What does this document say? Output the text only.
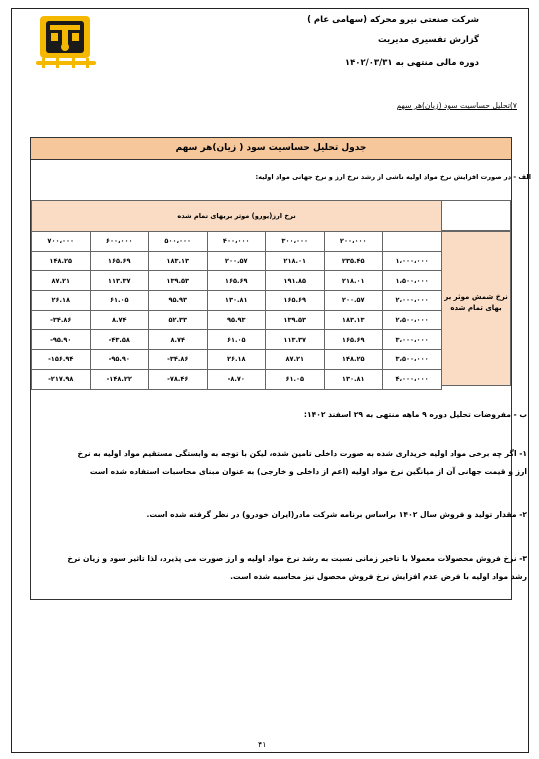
شرکت صنعتی نیرو محرکه (سهامی عام )
گزارش تفسیری مدیریت
دوره مالی منتهی به ۱۴۰۲/۰۳/۳۱
۷)تحلیل حساسیت سود (زیان)هر سهم
جدول تحلیل حساسیت سود ( زیان)هر سهم
الف - در صورت افزایش نرخ مواد اولیه ناشی از رشد نرخ ارز و نرخ جهانی مواد اولیه:
نرخ ارز(یورو) موثر بربهای تمام شده						
۷۰۰،۰۰۰	۶۰۰،۰۰۰	۵۰۰،۰۰۰	۴۰۰،۰۰۰	۳۰۰،۰۰۰	۲۰۰،۰۰۰	
۱۴۸.۲۵	۱۶۵.۶۹	۱۸۳.۱۳	۲۰۰.۵۷	۲۱۸.۰۱	۲۳۵.۴۵	۱،۰۰۰،۰۰۰
۸۷.۲۱	۱۱۳.۳۷	۱۳۹.۵۳	۱۶۵.۶۹	۱۹۱.۸۵	۲۱۸.۰۱	۱،۵۰۰،۰۰۰
۲۶.۱۸	۶۱.۰۵	۹۵.۹۳	۱۳۰.۸۱	۱۶۵.۶۹	۲۰۰.۵۷	۲،۰۰۰،۰۰۰
-۳۴.۸۶	۸.۷۴	۵۲.۳۳	۹۵.۹۳	۱۳۹.۵۳	۱۸۳.۱۳	۲،۵۰۰،۰۰۰
-۹۵.۹۰	-۴۳.۵۸	۸.۷۴	۶۱.۰۵	۱۱۳.۳۷	۱۶۵.۶۹	۳،۰۰۰،۰۰۰
-۱۵۶.۹۴	-۹۵.۹۰	-۳۴.۸۶	۲۶.۱۸	۸۷.۲۱	۱۴۸.۲۵	۳،۵۰۰،۰۰۰
-۲۱۷.۹۸	-۱۴۸.۲۲	-۷۸.۴۶	-۸.۷۰	۶۱.۰۵	۱۳۰.۸۱	۴،۰۰۰،۰۰۰
نرخ شمش موثر بر بهای تمام شده
ب - مفروضات تحلیل دوره ۹ ماهه منتهی به ۲۹ اسفند ۱۴۰۲:
۱- اگر چه برخی مواد اولیه خریداری شده به صورت داخلی تامین شده، لیکن با توجه به وابستگی مستقیم مواد اولیه به نرخ ارز و قیمت جهانی آن از میانگین نرخ مواد اولیه (اعم از داخلی و خارجی) به عنوان مبنای محاسبات استفاده شده است
۲- مقدار تولید و فروش سال ۱۴۰۲ براساس برنامه شرکت مادر(ایران خودرو) در نظر گرفته شده است.
۳- نرخ فروش محصولات معمولا با تاخیر زمانی نسبت به رشد نرخ مواد اولیه و ارز صورت می پذیرد، لذا تاثیر سود و زیان نرخ رشد مواد اولیه با فرض عدم افزایش نرخ فروش محصول نیز محاسبه شده است.
۴۱
